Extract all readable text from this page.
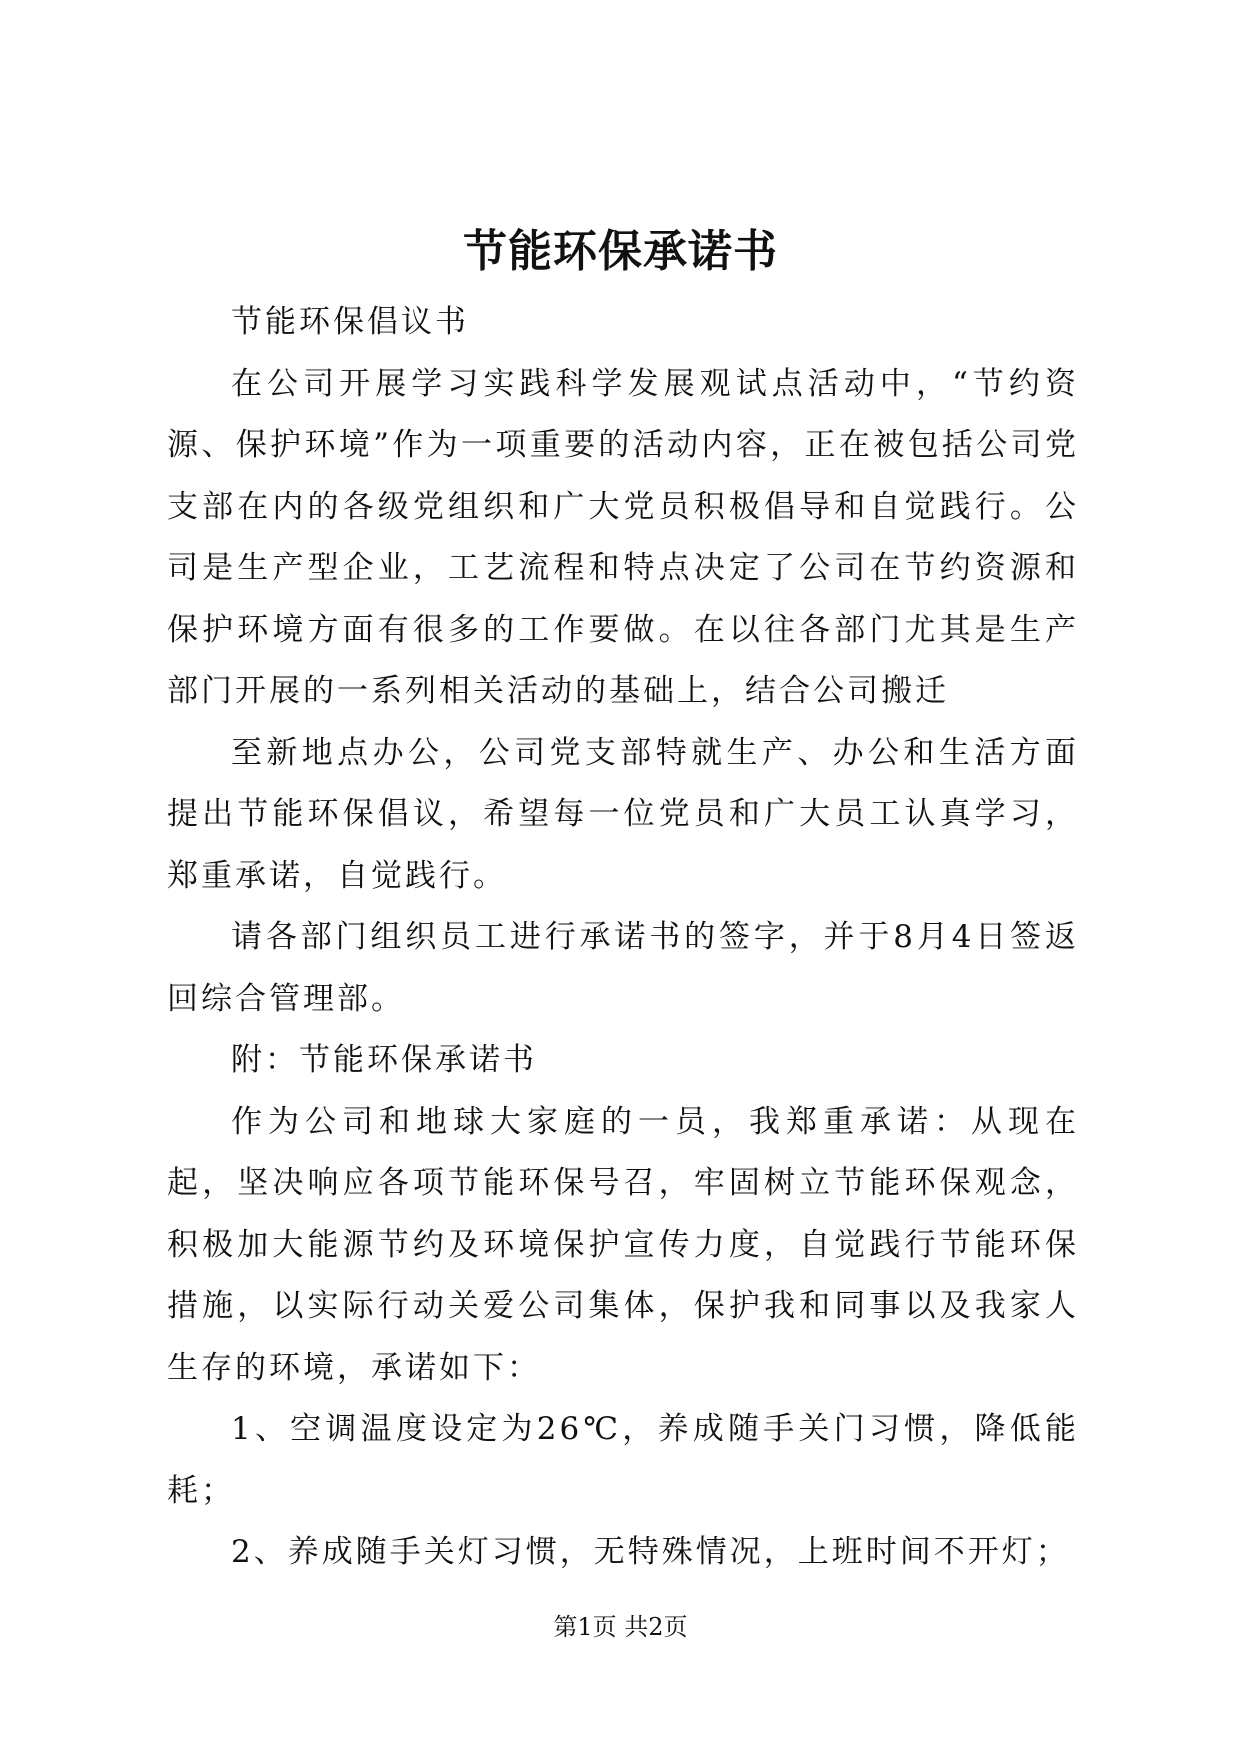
节能环保承诺书

节能环保倡议书

在公司开展学习实践科学发展观试点活动中，“节约资源、保护环境”作为一项重要的活动内容，正在被包括公司党支部在内的各级党组织和广大党员积极倡导和自觉践行。公司是生产型企业，工艺流程和特点决定了公司在节约资源和保护环境方面有很多的工作要做。在以往各部门尤其是生产部门开展的一系列相关活动的基础上，结合公司搬迁

至新地点办公，公司党支部特就生产、办公和生活方面提出节能环保倡议，希望每一位党员和广大员工认真学习，郑重承诺，自觉践行。

请各部门组织员工进行承诺书的签字，并于8月4日签返回综合管理部。

附：节能环保承诺书

作为公司和地球大家庭的一员，我郑重承诺：从现在起，坚决响应各项节能环保号召，牢固树立节能环保观念，积极加大能源节约及环境保护宣传力度，自觉践行节能环保措施，以实际行动关爱公司集体，保护我和同事以及我家人生存的环境，承诺如下：

1、空调温度设定为26℃，养成随手关门习惯，降低能耗；

2、养成随手关灯习惯，无特殊情况，上班时间不开灯；

第1页 共2页
